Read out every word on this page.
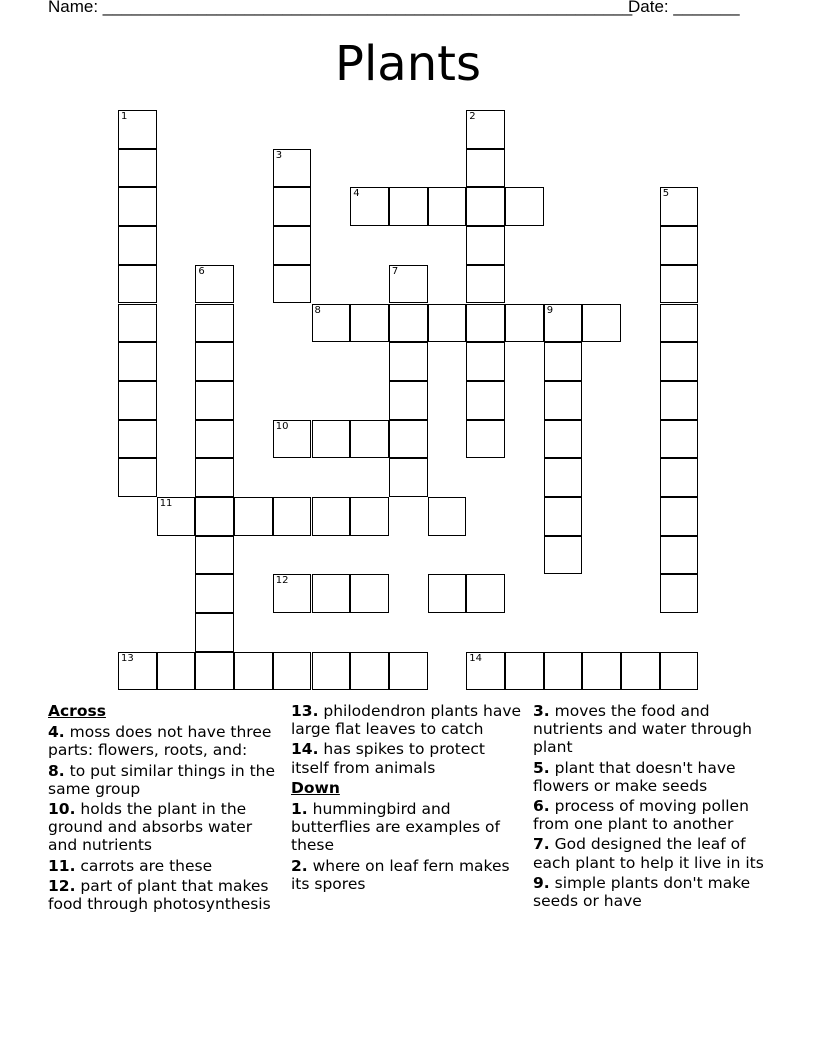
Name: ________________________________________________________
Date: _______
Plants
1	2
3
4	5
6	7
8	9
10
11
12
13	14
Across
4. moss does not have three parts: flowers, roots, and:
8. to put similar things in the same group
10. holds the plant in the ground and absorbs water and nutrients
11. carrots are these
12. part of plant that makes food through photosynthesis
13. philodendron plants have large flat leaves to catch
14. has spikes to protect itself from animals
Down
1. hummingbird and butterflies are examples of these
2. where on leaf fern makes its spores
3. moves the food and nutrients and water through plant
5. plant that doesn't have flowers or make seeds
6. process of moving pollen from one plant to another
7. God designed the leaf of each plant to help it live in its
9. simple plants don't make seeds or have
